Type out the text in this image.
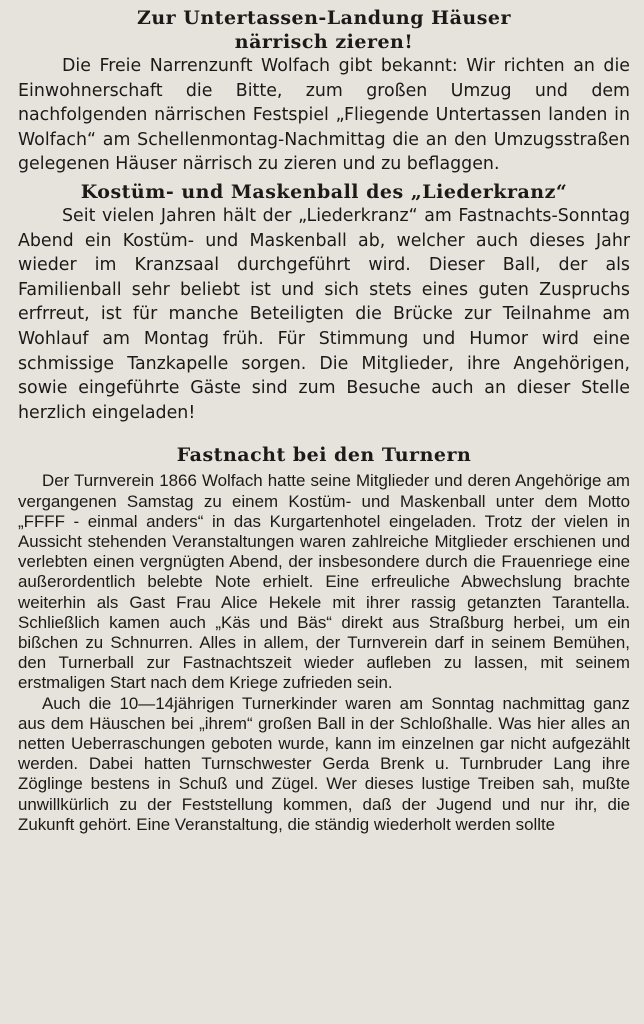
Zur Untertassen-Landung Häuser
närrisch zieren!

Die Freie Narrenzunft Wolfach gibt bekannt: Wir richten an die Einwohnerschaft die Bitte, zum großen Umzug und dem nachfolgenden närrischen Festspiel „Fliegende Untertassen landen in Wolfach“ am Schellenmontag-Nachmittag die an den Umzugsstraßen gelegenen Häuser närrisch zu zieren und zu beflaggen.

Kostüm- und Maskenball des „Liederkranz“

Seit vielen Jahren hält der „Liederkranz“ am Fastnachts-Sonntag Abend ein Kostüm- und Maskenball ab, welcher auch dieses Jahr wieder im Kranzsaal durchgeführt wird. Dieser Ball, der als Familienball sehr beliebt ist und sich stets eines guten Zuspruchs erfrreut, ist für manche Beteiligten die Brücke zur Teilnahme am Wohlauf am Montag früh. Für Stimmung und Humor wird eine schmissige Tanzkapelle sorgen. Die Mitglieder, ihre Angehörigen, sowie eingeführte Gäste sind zum Besuche auch an dieser Stelle herzlich eingeladen!

Fastnacht bei den Turnern

Der Turnverein 1866 Wolfach hatte seine Mitglieder und deren Angehörige am vergangenen Samstag zu einem Kostüm- und Maskenball unter dem Motto „FFFF - einmal anders“ in das Kurgartenhotel eingeladen. Trotz der vielen in Aussicht stehenden Veranstaltungen waren zahlreiche Mitglieder erschienen und verlebten einen vergnügten Abend, der insbesondere durch die Frauenriege eine außerordentlich belebte Note erhielt. Eine erfreuliche Abwechslung brachte weiterhin als Gast Frau Alice Hekele mit ihrer rassig getanzten Tarantella. Schließlich kamen auch „Käs und Bäs“ direkt aus Straßburg herbei, um ein bißchen zu Schnurren. Alles in allem, der Turnverein darf in seinem Bemühen, den Turnerball zur Fastnachtszeit wieder aufleben zu lassen, mit seinem erstmaligen Start nach dem Kriege zufrieden sein.

Auch die 10—14jährigen Turnerkinder waren am Sonntag nachmittag ganz aus dem Häuschen bei „ihrem“ großen Ball in der Schloßhalle. Was hier alles an netten Ueberraschungen geboten wurde, kann im einzelnen gar nicht aufgezählt werden. Dabei hatten Turnschwester Gerda Brenk u. Turnbruder Lang ihre Zöglinge bestens in Schuß und Zügel. Wer dieses lustige Treiben sah, mußte unwillkürlich zu der Feststellung kommen, daß der Jugend und nur ihr, die Zukunft gehört. Eine Veranstaltung, die ständig wiederholt werden sollte
